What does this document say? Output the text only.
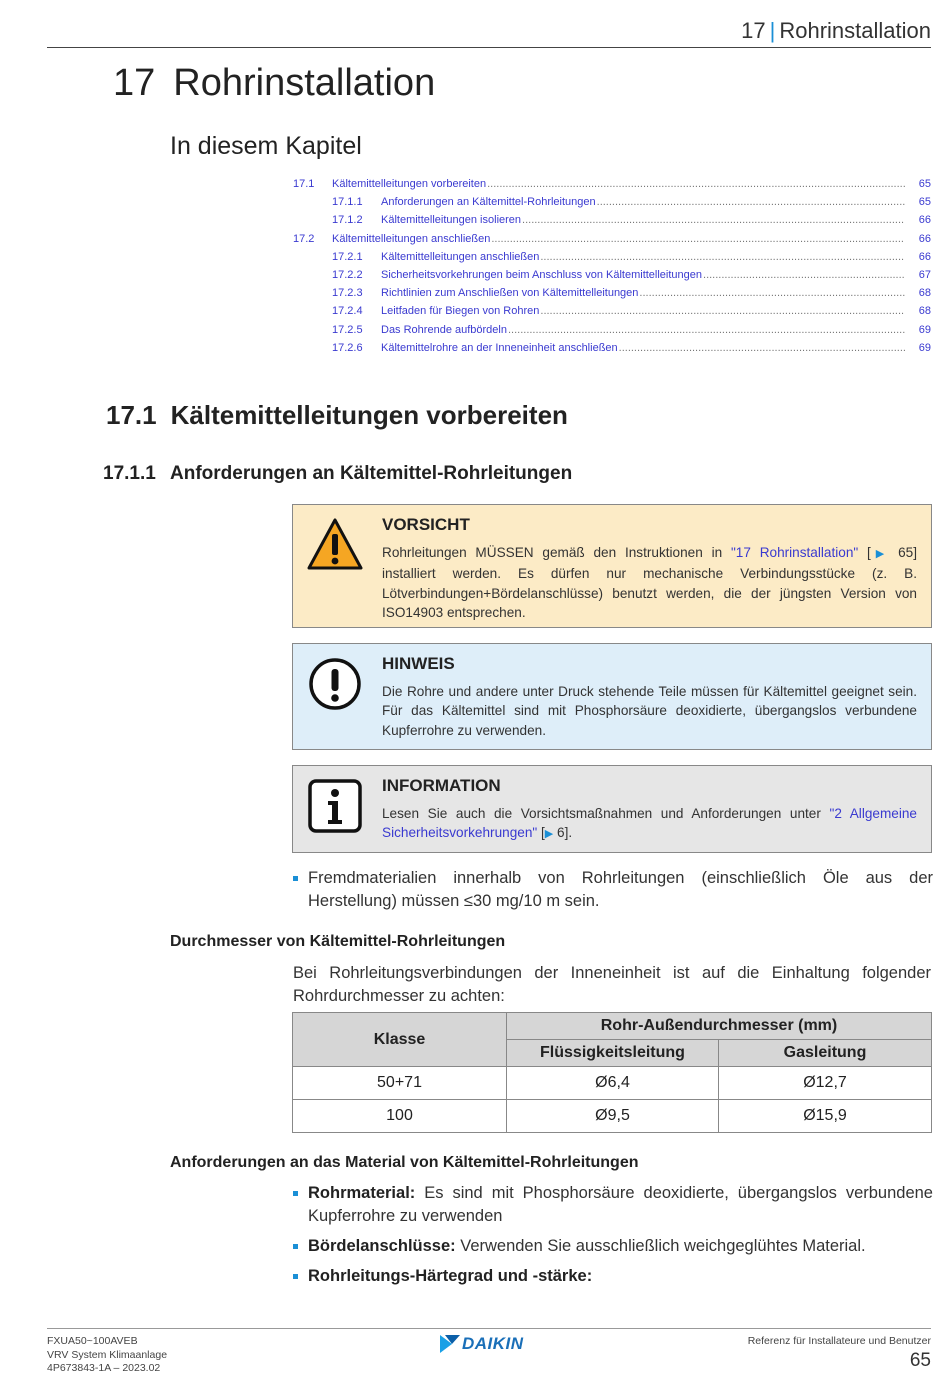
17 | Rohrinstallation
17 Rohrinstallation
In diesem Kapitel
17.1	Kältemittelleitungen vorbereiten .....	65
17.1.1	Anforderungen an Kältemittel-Rohrleitungen .....	65
17.1.2	Kältemittelleitungen isolieren .....	66
17.2	Kältemittelleitungen anschließen .....	66
17.2.1	Kältemittelleitungen anschließen .....	66
17.2.2	Sicherheitsvorkehrungen beim Anschluss von Kältemittelleitungen .....	67
17.2.3	Richtlinien zum Anschließen von Kältemittelleitungen .....	68
17.2.4	Leitfaden für Biegen von Rohren .....	68
17.2.5	Das Rohrende aufbördeln .....	69
17.2.6	Kältemittelrohre an der Inneneinheit anschließen .....	69
17.1 Kältemittelleitungen vorbereiten
17.1.1 Anforderungen an Kältemittel-Rohrleitungen
VORSICHT
Rohrleitungen MÜSSEN gemäß den Instruktionen in "17 Rohrinstallation" [▶ 65] installiert werden. Es dürfen nur mechanische Verbindungsstücke (z. B. Lötverbindungen+Bördelanschlüsse) benutzt werden, die der jüngsten Version von ISO14903 entsprechen.
HINWEIS
Die Rohre und andere unter Druck stehende Teile müssen für Kältemittel geeignet sein. Für das Kältemittel sind mit Phosphorsäure deoxidierte, übergangslos verbundene Kupferrohre zu verwenden.
INFORMATION
Lesen Sie auch die Vorsichtsmaßnahmen und Anforderungen unter "2 Allgemeine Sicherheitsvorkehrungen" [▶ 6].
Fremdmaterialien innerhalb von Rohrleitungen (einschließlich Öle aus der Herstellung) müssen ≤30 mg/10 m sein.
Durchmesser von Kältemittel-Rohrleitungen
Bei Rohrleitungsverbindungen der Inneneinheit ist auf die Einhaltung folgender Rohrdurchmesser zu achten:
Klasse	Rohr-Außendurchmesser (mm)	
	Flüssigkeitsleitung	Gasleitung
50+71	Ø6,4	Ø12,7
100	Ø9,5	Ø15,9
Anforderungen an das Material von Kältemittel-Rohrleitungen
Rohrmaterial: Es sind mit Phosphorsäure deoxidierte, übergangslos verbundene Kupferrohre zu verwenden
Bördelanschlüsse: Verwenden Sie ausschließlich weichgeglühtes Material.
Rohrleitungs-Härtegrad und -stärke:
FXUA50~100AVEB
VRV System Klimaanlage
4P673843-1A – 2023.02
DAIKIN	Referenz für Installateure und Benutzer
65
